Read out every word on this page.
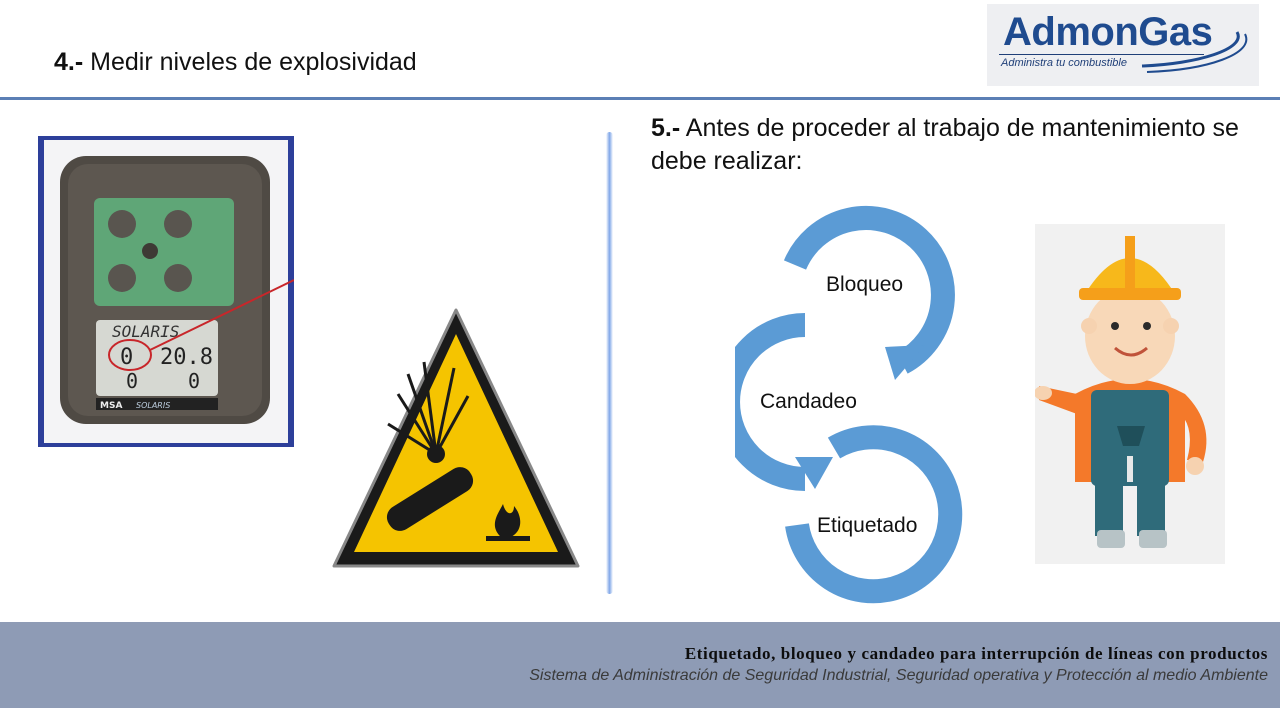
4.- Medir niveles de explosividad
AdmonGas
Administra tu combustible
SOLARIS
0 20.8
0 0
MSA SOLARIS
5.- Antes de proceder al trabajo de mantenimiento se debe realizar:
Bloqueo
Candadeo
Etiquetado
Etiquetado, bloqueo y candadeo para interrupción de líneas con productos
Sistema de Administración de Seguridad Industrial, Seguridad operativa y Protección al medio Ambiente
